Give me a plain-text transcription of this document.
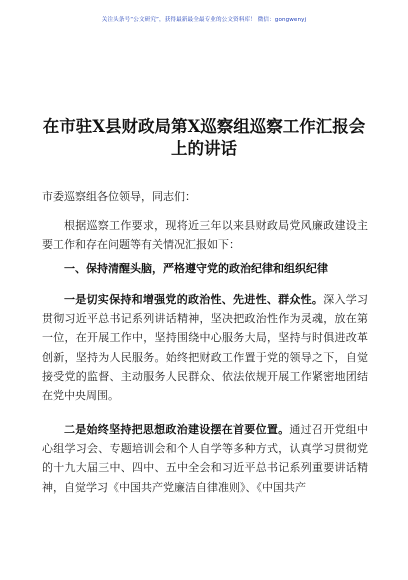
关注头条号“公文研究”，获得最新最全最专业的公文资料库！ 微信：gongwenyj
在市驻X县财政局第X巡察组巡察工作汇报会上的讲话
市委巡察组各位领导，同志们：

根据巡察工作要求，现将近三年以来县财政局党风廉政建设主要工作和存在问题等有关情况汇报如下：

一、保持清醒头脑，严格遵守党的政治纪律和组织纪律

一是切实保持和增强党的政治性、先进性、群众性。深入学习贯彻习近平总书记系列讲话精神，坚决把政治性作为灵魂，放在第一位，在开展工作中，坚持围绕中心服务大局，坚持与时俱进改革创新，坚持为人民服务。始终把财政工作置于党的领导之下，自觉接受党的监督、主动服务人民群众、依法依规开展工作紧密地团结在党中央周围。

二是始终坚持把思想政治建设摆在首要位置。通过召开党组中心组学习会、专题培训会和个人自学等多种方式，认真学习贯彻党的十九大届三中、四中、五中全会和习近平总书记系列重要讲话精神，自觉学习《中国共产党廉洁自律准则》、《中国共产
